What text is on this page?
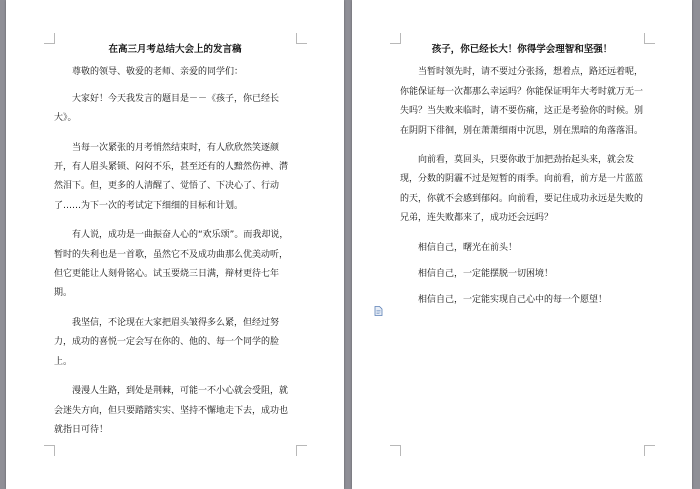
在高三月考总结大会上的发言稿
尊敬的领导、敬爱的老师、亲爱的同学们：
大家好！今天我发言的题目是－－《孩子，你已经长大》。
当每一次紧张的月考悄然结束时，有人欣欣然笑逐颜开，有人眉头紧锁、闷闷不乐，甚至还有的人黯然伤神、潸然泪下。但，更多的人清醒了、觉悟了、下决心了、行动了……为下一次的考试定下细细的目标和计划。
有人说，成功是一曲振奋人心的“欢乐颂”。而我却说，暂时的失利也是一首歌，虽然它不及成功曲那么优美动听，但它更能让人刻骨铭心。试玉要烧三日满，辩材更待七年期。
我坚信，不论现在大家把眉头皱得多么紧，但经过努力，成功的喜悦一定会写在你的、他的、每一个同学的脸上。
漫漫人生路，到处是荆棘，可能一不小心就会受阻，就会迷失方向，但只要踏踏实实、坚持不懈地走下去，成功也就指日可待！
孩子，你已经长大！你得学会理智和坚强！
当暂时领先时，请不要过分张扬，想着点，路还远着呢，你能保证每一次都那么幸运吗？你能保证明年大考时就万无一失吗？当失败来临时，请不要伤痛，这正是考验你的时候。别在阴阴下徘徊，别在萧萧细雨中沉思，别在黑暗的角落落泪。
向前看，莫回头，只要你敢于加把劲抬起头来，就会发现，分数的阴霾不过是短暂的雨季。向前看，前方是一片蓝蓝的天，你就不会感到郁闷。向前看，要记住成功永远是失败的兄弟，连失败都来了，成功还会远吗？
相信自己，曙光在前头！
相信自己，一定能摆脱一切困境！
相信自己，一定能实现自己心中的每一个愿望！
